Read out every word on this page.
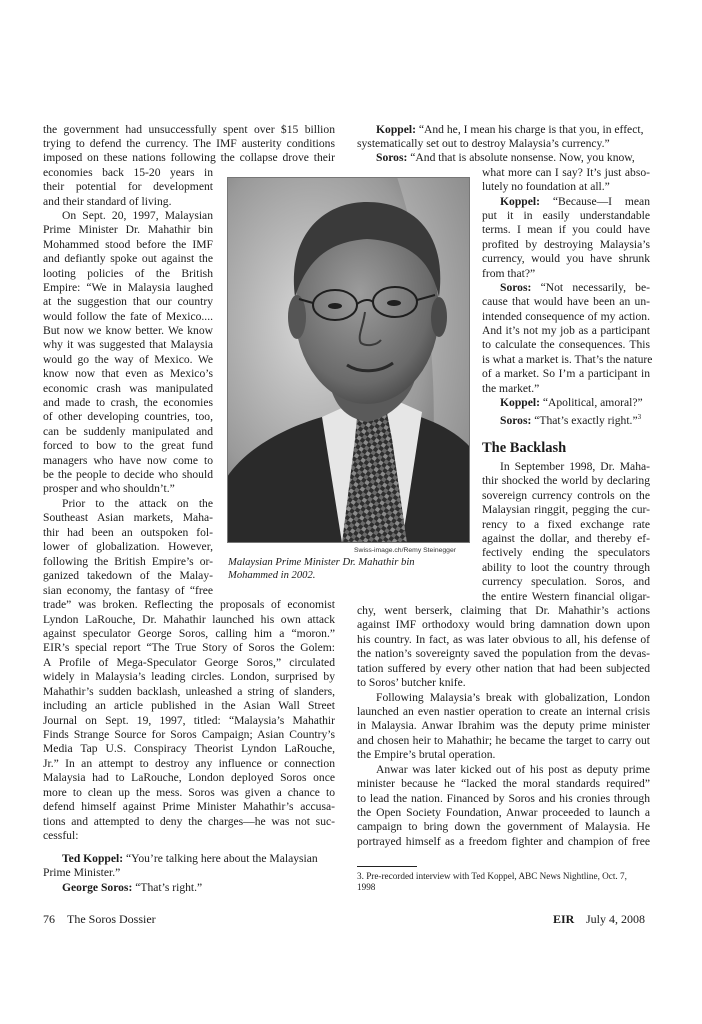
the government had unsuccessfully spent over $15 billion
trying to defend the currency. The IMF austerity conditions
imposed on these nations following the collapse drove their
economies back 15-20 years in
their potential for development
and their standard of living.
On Sept. 20, 1997, Malaysian
Prime Minister Dr. Mahathir bin
Mohammed stood before the IMF
and defiantly spoke out against the
looting policies of the British
Empire: “We in Malaysia laughed
at the suggestion that our country
would follow the fate of Mexico....
But now we know better. We know
why it was suggested that Malaysia
would go the way of Mexico. We
know now that even as Mexico’s
economic crash was manipulated
and made to crash, the economies
of other developing countries, too,
can be suddenly manipulated and
forced to bow to the great fund
managers who have now come to
be the people to decide who should
prosper and who shouldn’t.”
Prior to the attack on the
Southeast Asian markets, Maha-
thir had been an outspoken fol-
lower of globalization. However,
following the British Empire’s or-
ganized takedown of the Malay-
sian economy, the fantasy of “free
trade” was broken. Reflecting the proposals of economist
Lyndon LaRouche, Dr. Mahathir launched his own attack
against speculator George Soros, calling him a “moron.”
EIR’s special report “The True Story of Soros the Golem:
A Profile of Mega-Speculator George Soros,” circulated
widely in Malaysia’s leading circles. London, surprised by
Mahathir’s sudden backlash, unleashed a string of slanders,
including an article published in the Asian Wall Street
Journal on Sept. 19, 1997, titled: “Malaysia’s Mahathir
Finds Strange Source for Soros Campaign; Asian Country’s
Media Tap U.S. Conspiracy Theorist Lyndon LaRouche,
Jr.” In an attempt to destroy any influence or connection
Malaysia had to LaRouche, London deployed Soros once
more to clean up the mess. Soros was given a chance to
defend himself against Prime Minister Mahathir’s accusa-
tions and attempted to deny the charges—he was not suc-
cessful:
Ted Koppel: “You’re talking here about the Malaysian
Prime Minister.”
George Soros: “That’s right.”
Swiss-image.ch/Remy Steinegger
Malaysian Prime Minister Dr. Mahathir bin
Mohammed in 2002.
Koppel: “And he, I mean his charge is that you, in effect,
systematically set out to destroy Malaysia’s currency.”
Soros: “And that is absolute nonsense. Now, you know,
what more can I say? It’s just abso-
lutely no foundation at all.”
Koppel: “Because—I mean
put it in easily understandable
terms. I mean if you could have
profited by destroying Malaysia’s
currency, would you have shrunk
from that?”
Soros: “Not necessarily, be-
cause that would have been an un-
intended consequence of my action.
And it’s not my job as a participant
to calculate the consequences. This
is what a market is. That’s the nature
of a market. So I’m a participant in
the market.”
Koppel: “Apolitical, amoral?”
Soros: “That’s exactly right.”$^3$
The Backlash
In September 1998, Dr. Maha-
thir shocked the world by declaring
sovereign currency controls on the
Malaysian ringgit, pegging the cur-
rency to a fixed exchange rate
against the dollar, and thereby ef-
fectively ending the speculators
ability to loot the country through
currency speculation. Soros, and
the entire Western financial oligar-
chy, went berserk, claiming that Dr. Mahathir’s actions
against IMF orthodoxy would bring damnation down upon
his country. In fact, as was later obvious to all, his defense of
the nation’s sovereignty saved the population from the devas-
tation suffered by every other nation that had been subjected
to Soros’ butcher knife.
Following Malaysia’s break with globalization, London
launched an even nastier operation to create an internal crisis
in Malaysia. Anwar Ibrahim was the deputy prime minister
and chosen heir to Mahathir; he became the target to carry out
the Empire’s brutal operation.
Anwar was later kicked out of his post as deputy prime
minister because he “lacked the moral standards required”
to lead the nation. Financed by Soros and his cronies through
the Open Society Foundation, Anwar proceeded to launch a
campaign to bring down the government of Malaysia. He
portrayed himself as a freedom fighter and champion of free
3. Pre-recorded interview with Ted Koppel, ABC News Nightline, Oct. 7,
1998
76 The Soros Dossier	EIR July 4, 2008
